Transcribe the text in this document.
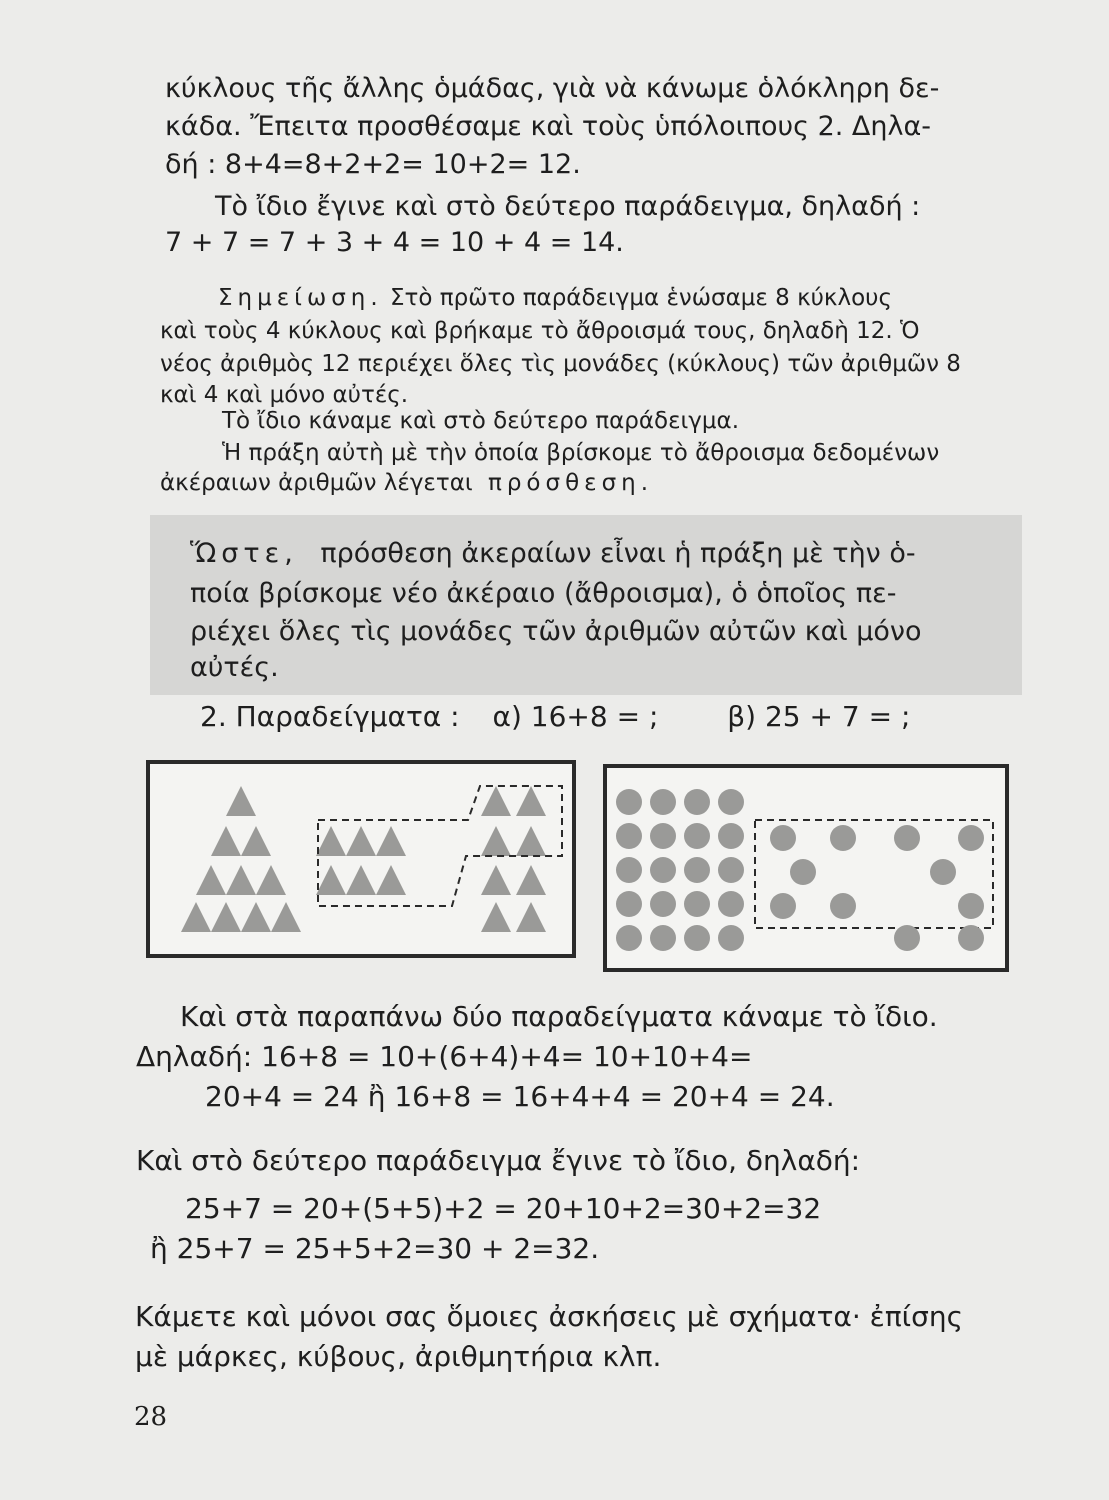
κύκλους τῆς ἄλλης ὁμάδας, γιὰ νὰ κάνωμε ὁλόκληρη δε-
κάδα. Ἔπειτα προσθέσαμε καὶ τοὺς ὑπόλοιπους 2. Δηλα-
δή : 8+4=8+2+2= 10+2= 12.
Τὸ ἴδιο ἔγινε καὶ στὸ δεύτερο παράδειγμα, δηλαδή :
7 + 7 = 7 + 3 + 4 = 10 + 4 = 14.
Σημείωση. Στὸ πρῶτο παράδειγμα ἑνώσαμε 8 κύκλους
καὶ τοὺς 4 κύκλους καὶ βρήκαμε τὸ ἄθροισμά τους, δηλαδὴ 12. Ὁ
νέος ἀριθμὸς 12 περιέχει ὅλες τὶς μονάδες (κύκλους) τῶν ἀριθμῶν 8
καὶ 4 καὶ μόνο αὐτές.
Τὸ ἴδιο κάναμε καὶ στὸ δεύτερο παράδειγμα.
Ἡ πράξη αὐτὴ μὲ τὴν ὁποία βρίσκομε τὸ ἄθροισμα δεδομένων
ἀκέραιων ἀριθμῶν λέγεται πρόσθεση.
Ὥστε, πρόσθεση ἀκεραίων εἶναι ἡ πράξη μὲ τὴν ὁ-
ποία βρίσκομε νέο ἀκέραιο (ἄθροισμα), ὁ ὁποῖος πε-
ριέχει ὅλες τὶς μονάδες τῶν ἀριθμῶν αὐτῶν καὶ μόνο
αὐτές.
2. Παραδείγματα : α) 16+8 = ; β) 25 + 7 = ;
Καὶ στὰ παραπάνω δύο παραδείγματα κάναμε τὸ ἴδιο.
Δηλαδή: 16+8 = 10+(6+4)+4= 10+10+4=
20+4 = 24 ἢ 16+8 = 16+4+4 = 20+4 = 24.
Καὶ στὸ δεύτερο παράδειγμα ἔγινε τὸ ἴδιο, δηλαδή:
25+7 = 20+(5+5)+2 = 20+10+2=30+2=32
ἢ 25+7 = 25+5+2=30 + 2=32.
Κάμετε καὶ μόνοι σας ὅμοιες ἀσκήσεις μὲ σχήματα· ἐπίσης
μὲ μάρκες, κύβους, ἀριθμητήρια κλπ.
28
